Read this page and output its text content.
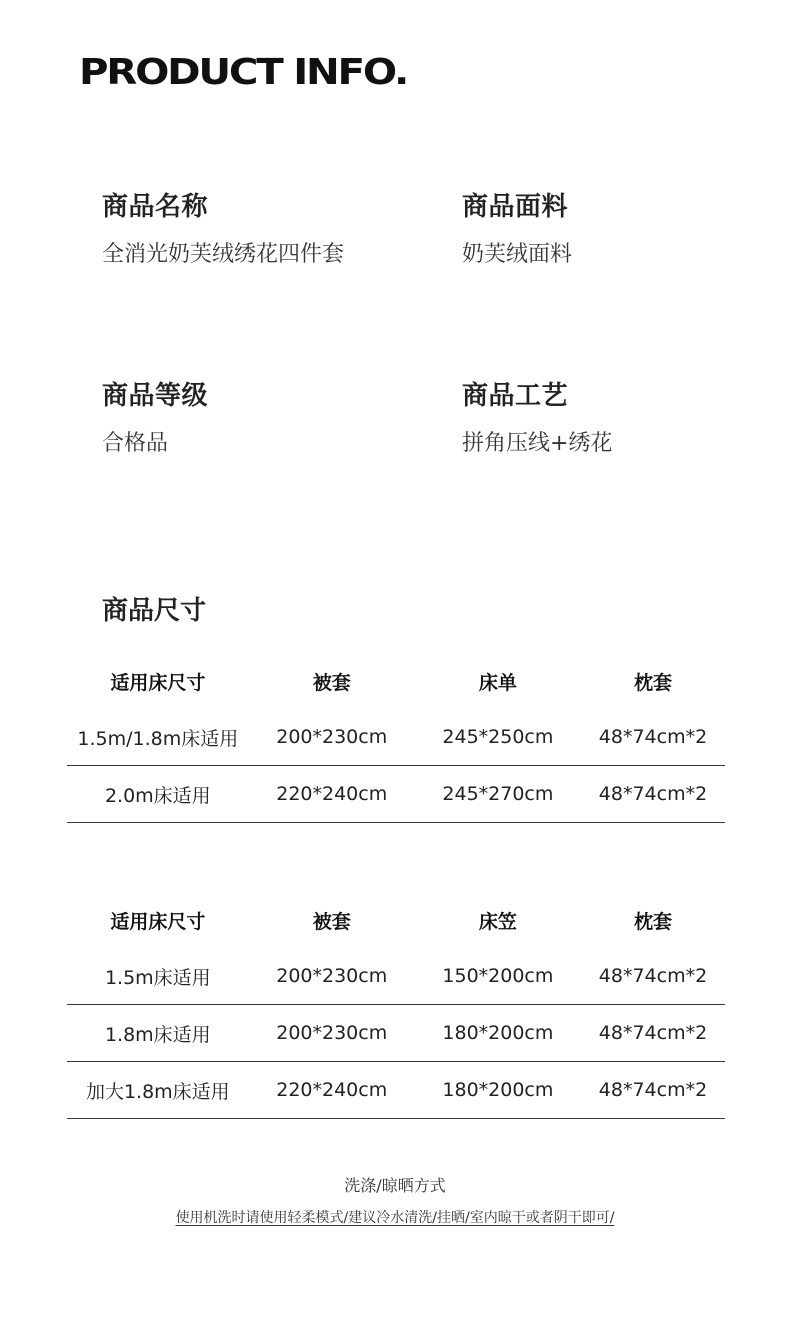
PRODUCT INFO.
商品名称
全消光奶芙绒绣花四件套
商品面料
奶芙绒面料
商品等级
合格品
商品工艺
拼角压线+绣花
商品尺寸
适用床尺寸	被套	床单	枕套
1.5m/1.8m床适用	200*230cm	245*250cm	48*74cm*2
2.0m床适用	220*240cm	245*270cm	48*74cm*2
适用床尺寸	被套	床笠	枕套
1.5m床适用	200*230cm	150*200cm	48*74cm*2
1.8m床适用	200*230cm	180*200cm	48*74cm*2
加大1.8m床适用	220*240cm	180*200cm	48*74cm*2
洗涤/晾晒方式
使用机洗时请使用轻柔模式/建议冷水清洗/挂晒/室内晾干或者阴干即可/
